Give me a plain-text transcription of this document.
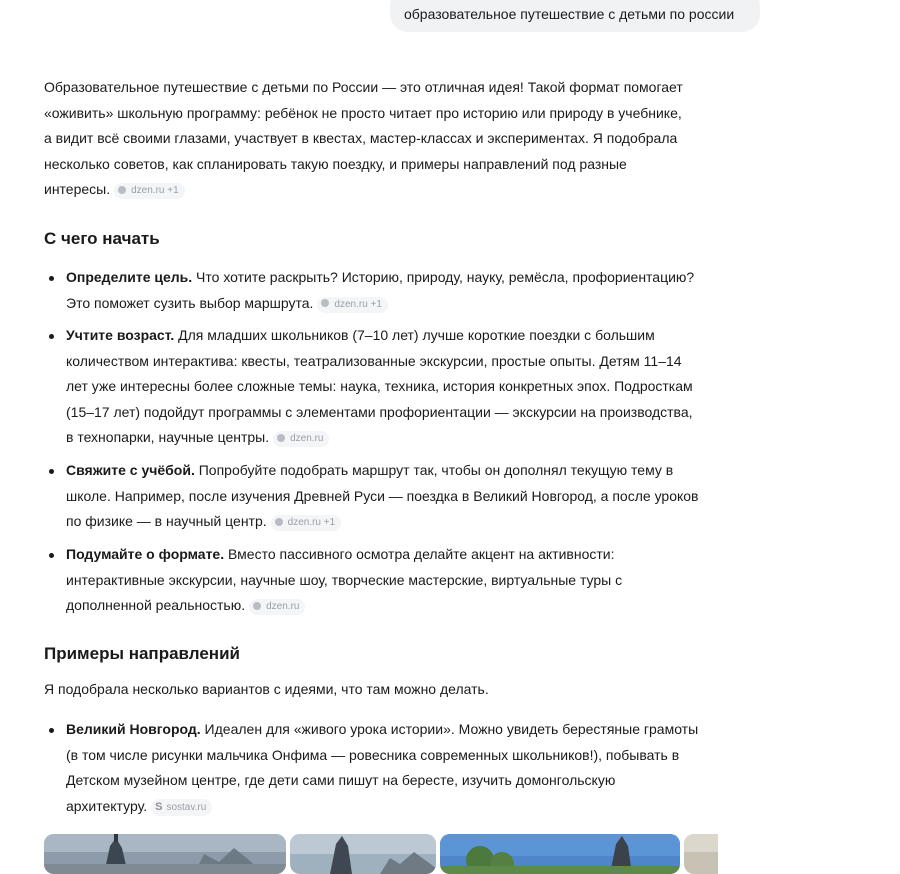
образовательное путешествие с детьми по россии
Образовательное путешествие с детьми по России — это отличная идея! Такой формат помогает
«оживить» школьную программу: ребёнок не просто читает про историю или природу в учебнике,
а видит всё своими глазами, участвует в квестах, мастер-классах и экспериментах. Я подобрала
несколько советов, как спланировать такую поездку, и примеры направлений под разные
интересы. dzen.ru +1
С чего начать
Определите цель. Что хотите раскрыть? Историю, природу, науку, ремёсла, профориентацию?
Это поможет сузить выбор маршрута. dzen.ru +1
Учтите возраст. Для младших школьников (7–10 лет) лучше короткие поездки с большим
количеством интерактива: квесты, театрализованные экскурсии, простые опыты. Детям 11–14
лет уже интересны более сложные темы: наука, техника, история конкретных эпох. Подросткам
(15–17 лет) подойдут программы с элементами профориентации — экскурсии на производства,
в технопарки, научные центры. dzen.ru
Свяжите с учёбой. Попробуйте подобрать маршрут так, чтобы он дополнял текущую тему в
школе. Например, после изучения Древней Руси — поездка в Великий Новгород, а после уроков
по физике — в научный центр. dzen.ru +1
Подумайте о формате. Вместо пассивного осмотра делайте акцент на активности:
интерактивные экскурсии, научные шоу, творческие мастерские, виртуальные туры с
дополненной реальностью. dzen.ru
Примеры направлений
Я подобрала несколько вариантов с идеями, что там можно делать.
Великий Новгород. Идеален для «живого урока истории». Можно увидеть берестяные грамоты
(в том числе рисунки мальчика Онфима — ровесника современных школьников!), побывать в
Детском музейном центре, где дети сами пишут на бересте, изучить домонгольскую
архитектуру. S sostav.ru
